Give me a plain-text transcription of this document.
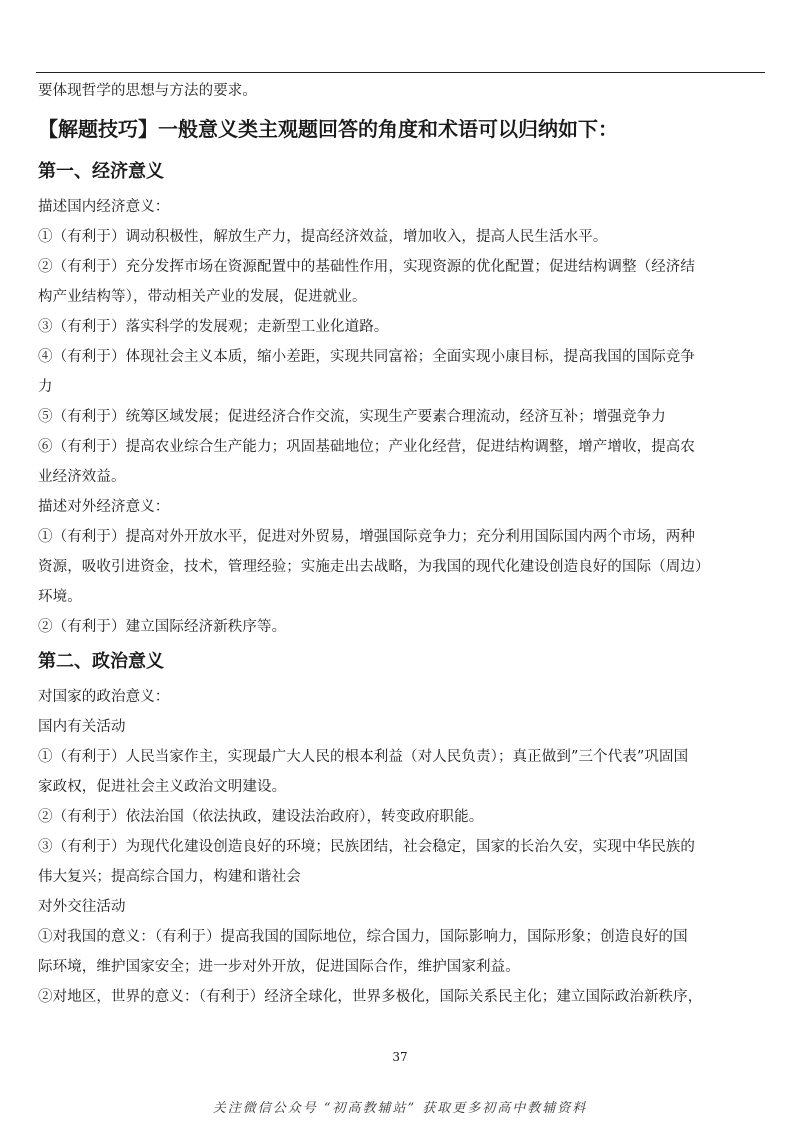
要体现哲学的思想与方法的要求。
【解题技巧】一般意义类主观题回答的角度和术语可以归纳如下：
第一、经济意义
描述国内经济意义：
①（有利于）调动积极性，解放生产力，提高经济效益，增加收入，提高人民生活水平。
②（有利于）充分发挥市场在资源配置中的基础性作用，实现资源的优化配置；促进结构调整（经济结
构产业结构等），带动相关产业的发展，促进就业。
③（有利于）落实科学的发展观；走新型工业化道路。
④（有利于）体现社会主义本质，缩小差距，实现共同富裕；全面实现小康目标，提高我国的国际竞争
力
⑤（有利于）统筹区域发展；促进经济合作交流，实现生产要素合理流动，经济互补；增强竞争力
⑥（有利于）提高农业综合生产能力；巩固基础地位；产业化经营，促进结构调整，增产增收，提高农
业经济效益。
描述对外经济意义：
①（有利于）提高对外开放水平，促进对外贸易，增强国际竞争力；充分利用国际国内两个市场，两种
资源，吸收引进资金，技术，管理经验；实施走出去战略，为我国的现代化建设创造良好的国际（周边）
环境。
②（有利于）建立国际经济新秩序等。
第二、政治意义
对国家的政治意义：
国内有关活动
①（有利于）人民当家作主，实现最广大人民的根本利益（对人民负责）；真正做到”三个代表”巩固国
家政权，促进社会主义政治文明建设。
②（有利于）依法治国（依法执政，建设法治政府），转变政府职能。
③（有利于）为现代化建设创造良好的环境；民族团结，社会稳定，国家的长治久安，实现中华民族的
伟大复兴；提高综合国力，构建和谐社会
对外交往活动
①对我国的意义：（有利于）提高我国的国际地位，综合国力，国际影响力，国际形象；创造良好的国
际环境，维护国家安全；进一步对外开放，促进国际合作，维护国家利益。
②对地区，世界的意义：（有利于）经济全球化，世界多极化，国际关系民主化；建立国际政治新秩序，
37
关注微信公众号 “初高教辅站” 获取更多初高中教辅资料
